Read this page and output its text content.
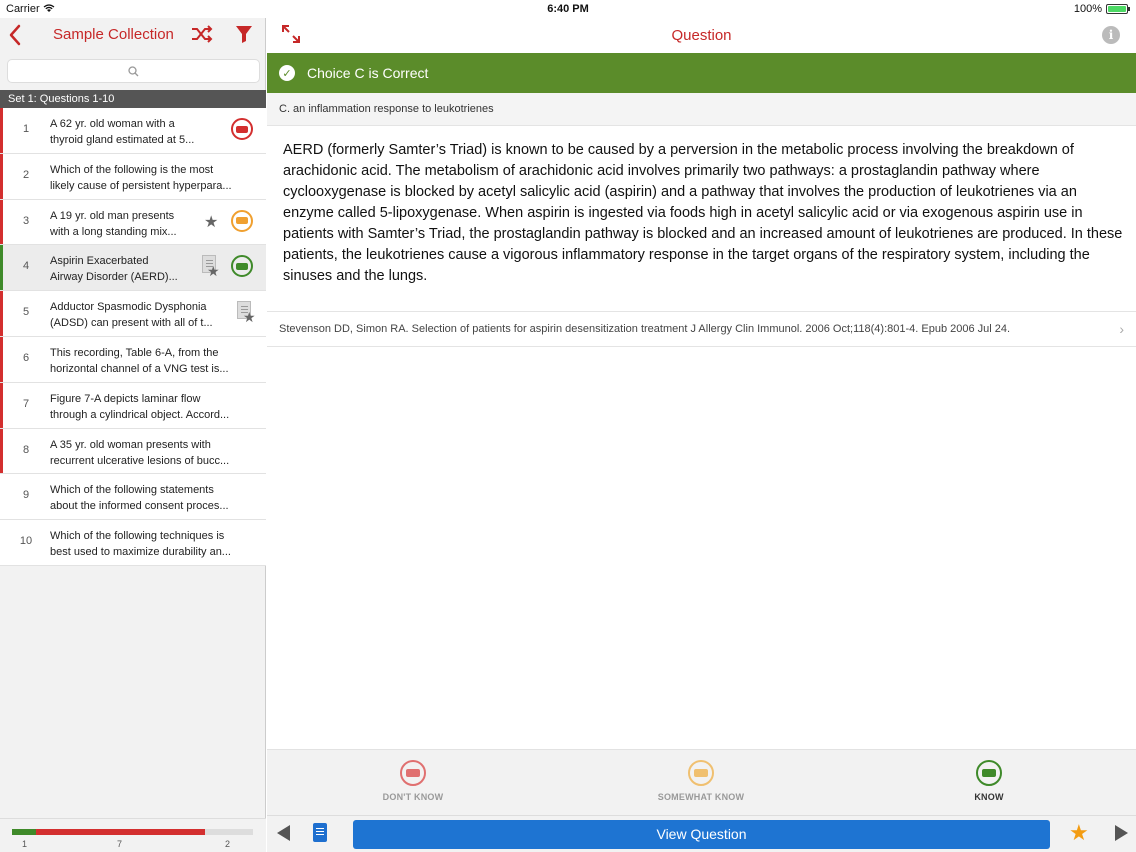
Carrier	6:40 PM	100%
Sample Collection
Set 1: Questions 1-10
1	A 62 yr. old woman with a
thyroid gland estimated at 5...
2	Which of the following is the most
likely cause of persistent hyperpara...
3	A 19 yr. old man presents
with a long standing mix...
★
4	Aspirin Exacerbated
Airway Disorder (AERD)...	★
5	Adductor Spasmodic Dysphonia
(ADSD) can present with all of t...	★
6	This recording, Table 6-A, from the
horizontal channel of a VNG test is...
7	Figure 7-A depicts laminar flow
through a cylindrical object. Accord...
8	A 35 yr. old woman presents with
recurrent ulcerative lesions of bucc...
9	Which of the following statements
about the informed consent proces...
10	Which of the following techniques is
best used to maximize durability an...
1	7	2
Question	i
✓ Choice C is Correct
C. an inflammation response to leukotrienes
AERD (formerly Samter’s Triad) is known to be caused by a perversion in the metabolic process involving the breakdown of arachidonic acid. The metabolism of arachidonic acid involves primarily two pathways: a prostaglandin pathway where cyclooxygenase is blocked by acetyl salicylic acid (aspirin) and a pathway that involves the production of leukotrienes via an enzyme called 5-lipoxygenase. When aspirin is ingested via foods high in acetyl salicylic acid or via exogenous aspirin use in patients with Samter’s Triad, the prostaglandin pathway is blocked and an increased amount of leukotrienes are produced. In these patients, the leukotrienes cause a vigorous inflammatory response in the target organs of the respiratory system, including the sinuses and the lungs.
Stevenson DD, Simon RA. Selection of patients for aspirin desensitization treatment J Allergy Clin Immunol. 2006 Oct;118(4):801-4. Epub 2006 Jul 24.	›
DON'T KNOW	SOMEWHAT KNOW	KNOW
View Question	★
